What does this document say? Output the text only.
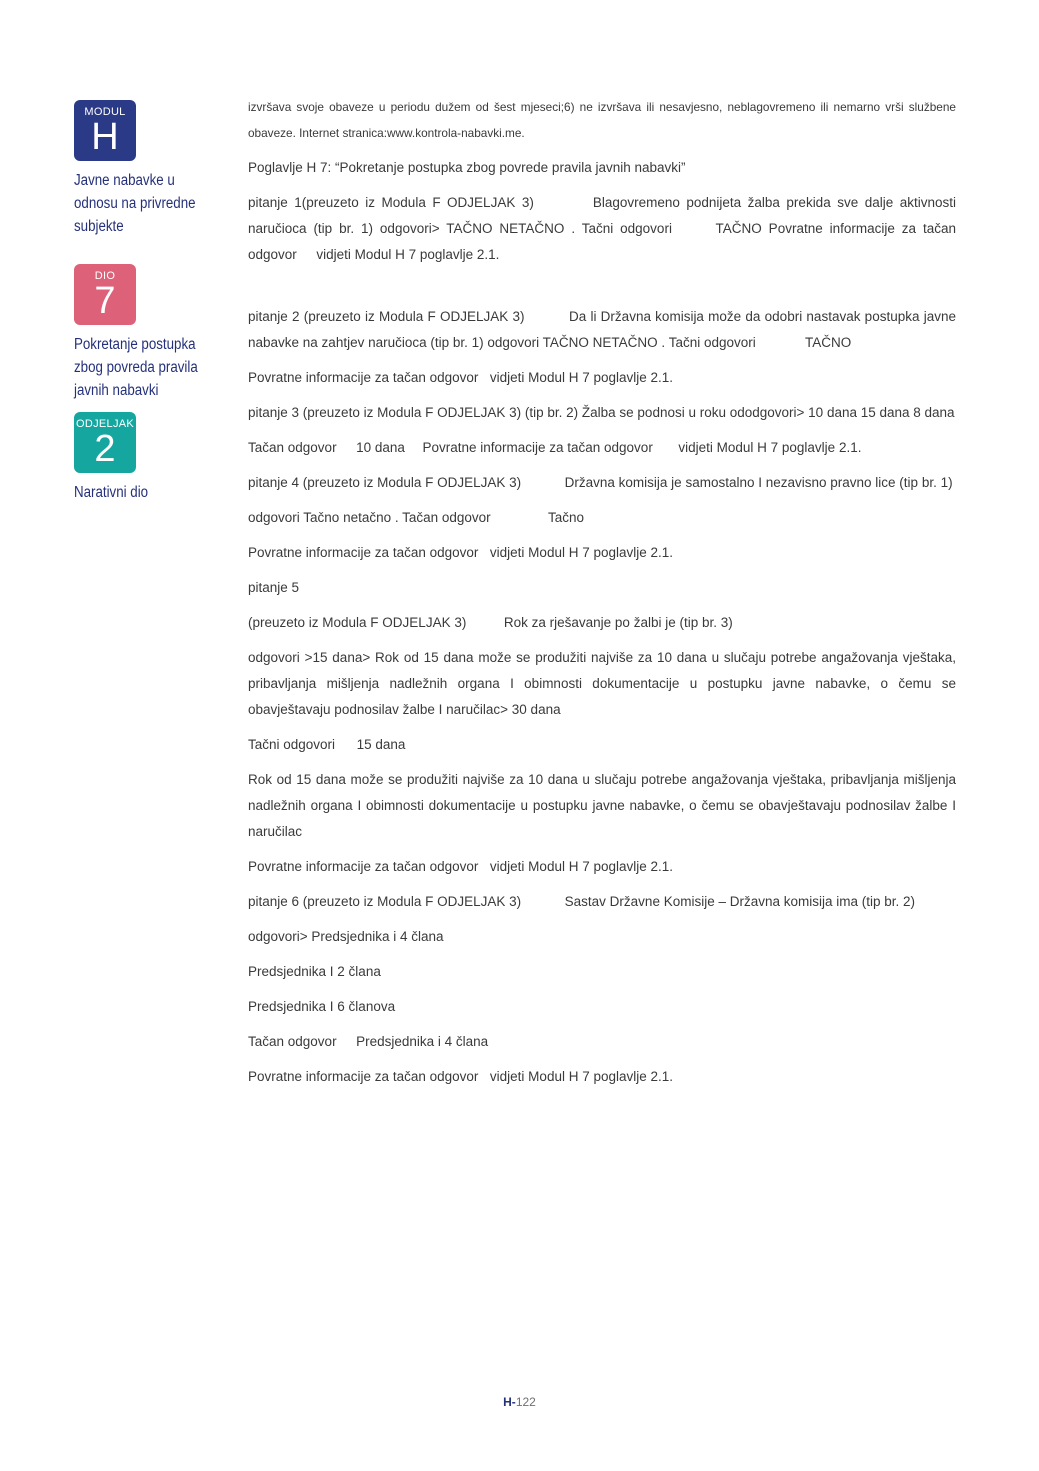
MODUL
H
Javne nabavke u odnosu na privredne subjekte
DIO
7
Pokretanje postupka zbog povreda pravila javnih nabavki
ODJELJAK
2
Narativni dio

izvršava svoje obaveze u periodu dužem od šest mjeseci;6) ne izvršava ili nesavjesno, neblagovremeno ili nemarno vrši službene obaveze. Internet stranica:www.kontrola-nabavki.me.

Poglavlje H 7: “Pokretanje postupka zbog povrede pravila javnih nabavki”

pitanje 1(preuzeto iz Modula F ODJELJAK 3)	Blagovremeno podnijeta žalba prekida sve dalje aktivnosti naručioca (tip br. 1) odgovori> TAČNO NETAČNO . Tačni odgovori	TAČNO Povratne informacije za tačan odgovor vidjeti Modul H 7 poglavlje 2.1.

pitanje 2 (preuzeto iz Modula F ODJELJAK 3)	Da li Državna komisija može da odobri nastavak postupka javne nabavke na zahtjev naručioca (tip br. 1) odgovori TAČNO NETAČNO . Tačni odgovori	TAČNO

Povratne informacije za tačan odgovor vidjeti Modul H 7 poglavlje 2.1.

pitanje 3 (preuzeto iz Modula F ODJELJAK 3) (tip br. 2) Žalba se podnosi u roku ododgovori> 10 dana 15 dana 8 dana

Tačan odgovor 10 dana Povratne informacije za tačan odgovor vidjeti Modul H 7 poglavlje 2.1.

pitanje 4 (preuzeto iz Modula F ODJELJAK 3)	Državna komisija je samostalno I nezavisno pravno lice (tip br. 1)

odgovori Tačno netačno . Tačan odgovor	Tačno

Povratne informacije za tačan odgovor vidjeti Modul H 7 poglavlje 2.1.

pitanje 5

(preuzeto iz Modula F ODJELJAK 3)	Rok za rješavanje po žalbi je (tip br. 3)

odgovori >15 dana> Rok od 15 dana može se produžiti najviše za 10 dana u slučaju potrebe angažovanja vještaka, pribavljanja mišljenja nadležnih organa I obimnosti dokumentacije u postupku javne nabavke, o čemu se obavještavaju podnosilav žalbe I naručilac> 30 dana

Tačni odgovori 15 dana

Rok od 15 dana može se produžiti najviše za 10 dana u slučaju potrebe angažovanja vještaka, pribavljanja mišljenja nadležnih organa I obimnosti dokumentacije u postupku javne nabavke, o čemu se obavještavaju podnosilav žalbe I naručilac

Povratne informacije za tačan odgovor vidjeti Modul H 7 poglavlje 2.1.

pitanje 6 (preuzeto iz Modula F ODJELJAK 3)	Sastav Državne Komisije – Državna komisija ima (tip br. 2)

odgovori> Predsjednika i 4 člana

Predsjednika I 2 člana

Predsjednika I 6 članova

Tačan odgovor Predsjednika i 4 člana

Povratne informacije za tačan odgovor vidjeti Modul H 7 poglavlje 2.1.

H-122
